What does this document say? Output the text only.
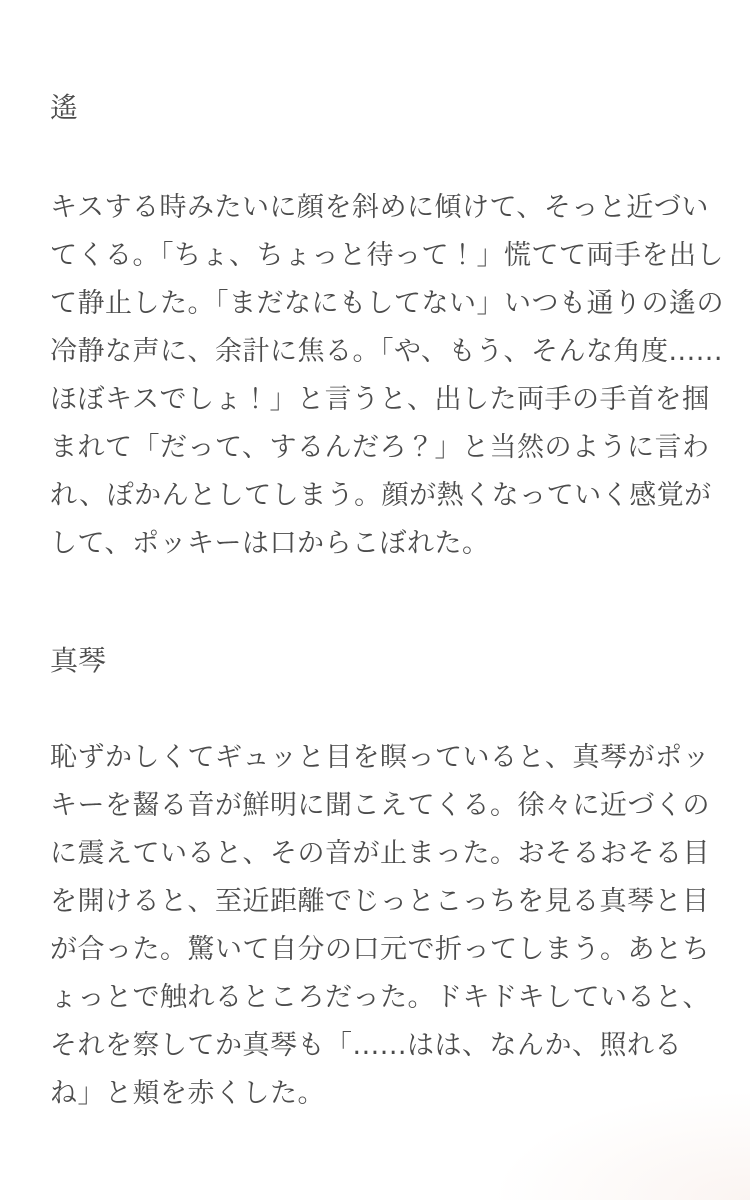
遙
キスする時みたいに顔を斜めに傾けて、そっと近づい
てくる。「ちょ、ちょっと待って！」慌てて両手を出し
て静止した。「まだなにもしてない」いつも通りの遙の
冷静な声に、余計に焦る。「や、もう、そんな角度......
ほぼキスでしょ！」と言うと、出した両手の手首を掴
まれて「だって、するんだろ？」と当然のように言わ
れ、ぽかんとしてしまう。顔が熱くなっていく感覚が
して、ポッキーは口からこぼれた。
真琴
恥ずかしくてギュッと目を瞑っていると、真琴がポッ
キーを齧る音が鮮明に聞こえてくる。徐々に近づくの
に震えていると、その音が止まった。おそるおそる目
を開けると、至近距離でじっとこっちを見る真琴と目
が合った。驚いて自分の口元で折ってしまう。あとち
ょっとで触れるところだった。ドキドキしていると、
それを察してか真琴も「......はは、なんか、照れる
ね」と頬を赤くした。
